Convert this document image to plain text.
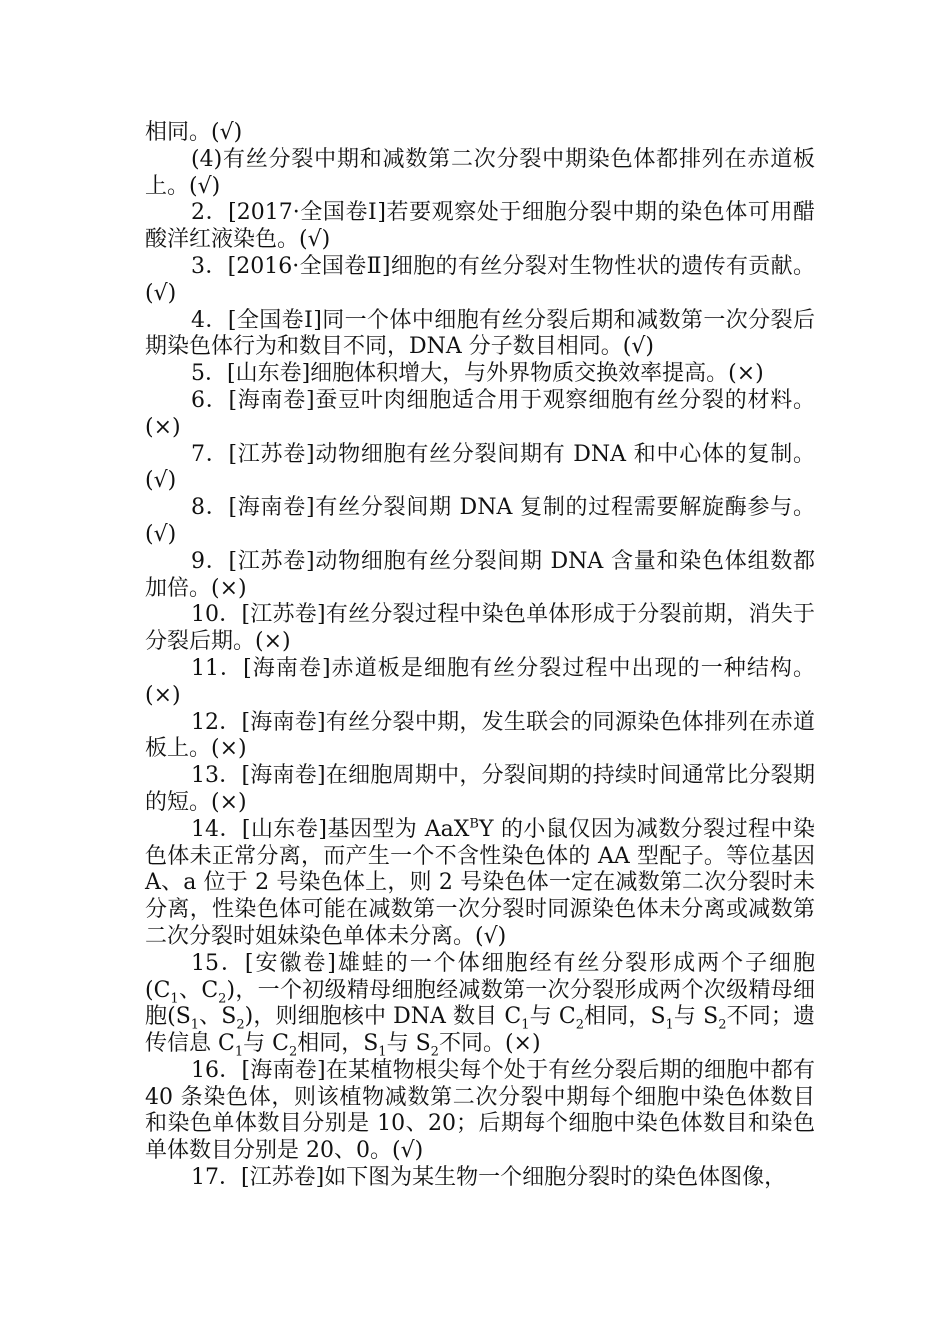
相同。(√)

(4)有丝分裂中期和减数第二次分裂中期染色体都排列在赤道板上。(√)

2．[2017·全国卷Ⅰ]若要观察处于细胞分裂中期的染色体可用醋酸洋红液染色。(√)

3．[2016·全国卷Ⅱ]细胞的有丝分裂对生物性状的遗传有贡献。(√)

4．[全国卷Ⅰ]同一个体中细胞有丝分裂后期和减数第一次分裂后期染色体行为和数目不同，DNA 分子数目相同。(√)

5．[山东卷]细胞体积增大，与外界物质交换效率提高。(×)

6．[海南卷]蚕豆叶肉细胞适合用于观察细胞有丝分裂的材料。(×)

7．[江苏卷]动物细胞有丝分裂间期有 DNA 和中心体的复制。(√)

8．[海南卷]有丝分裂间期 DNA 复制的过程需要解旋酶参与。(√)

9．[江苏卷]动物细胞有丝分裂间期 DNA 含量和染色体组数都加倍。(×)

10．[江苏卷]有丝分裂过程中染色单体形成于分裂前期，消失于分裂后期。(×)

11．[海南卷]赤道板是细胞有丝分裂过程中出现的一种结构。(×)

12．[海南卷]有丝分裂中期，发生联会的同源染色体排列在赤道板上。(×)

13．[海南卷]在细胞周期中，分裂间期的持续时间通常比分裂期的短。(×)

14．[山东卷]基因型为 AaX$^B$Y 的小鼠仅因为减数分裂过程中染色体未正常分离，而产生一个不含性染色体的 AA 型配子。等位基因 A、a 位于 2 号染色体上，则 2 号染色体一定在减数第二次分裂时未分离，性染色体可能在减数第一次分裂时同源染色体未分离或减数第二次分裂时姐妹染色单体未分离。(√)

15．[安徽卷]雄蛙的一个体细胞经有丝分裂形成两个子细胞($C_1$、$C_2$)，一个初级精母细胞经减数第一次分裂形成两个次级精母细胞($S_1$、$S_2$)，则细胞核中 DNA 数目 $C_1$与 $C_2$相同，$S_1$与 $S_2$不同；遗传信息 $C_1$与 $C_2$相同，$S_1$与 $S_2$不同。(×)

16．[海南卷]在某植物根尖每个处于有丝分裂后期的细胞中都有 40 条染色体，则该植物减数第二次分裂中期每个细胞中染色体数目和染色单体数目分别是 10、20；后期每个细胞中染色体数目和染色单体数目分别是 20、0。(√)

17．[江苏卷]如下图为某生物一个细胞分裂时的染色体图像，
